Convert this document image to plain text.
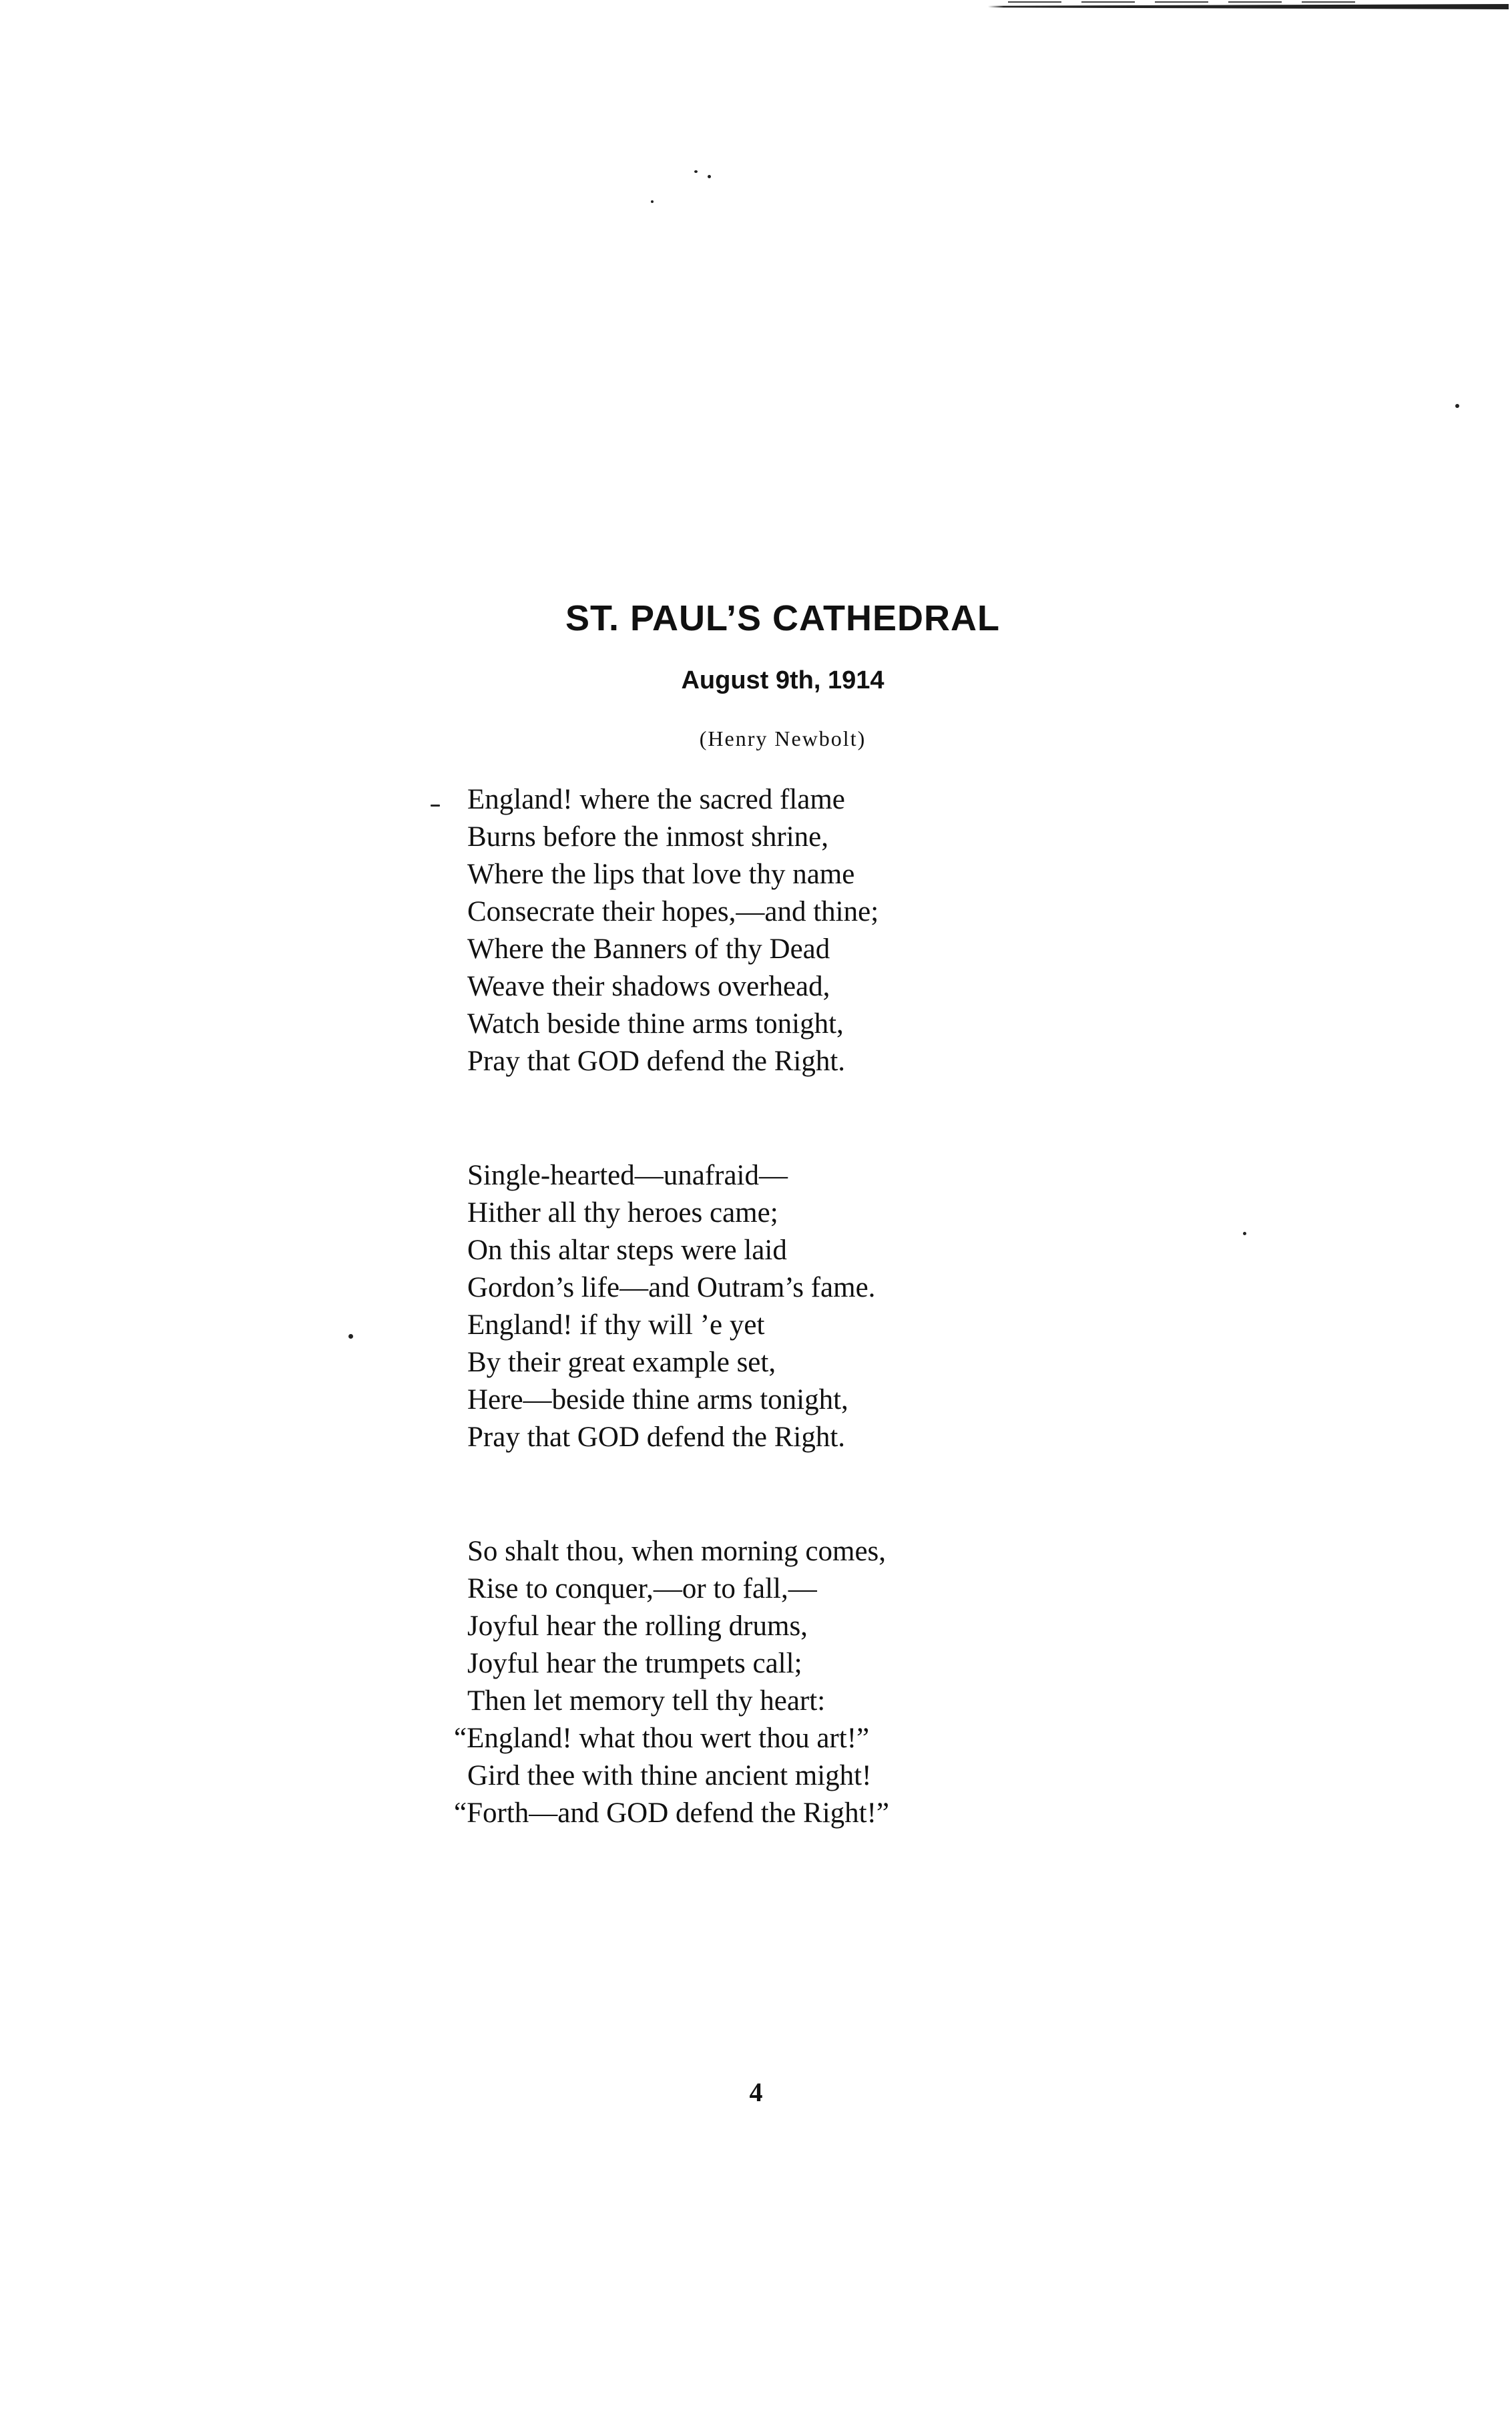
ST. PAUL’S CATHEDRAL
August 9th, 1914
(Henry Newbolt)
England! where the sacred flame
Burns before the inmost shrine,
Where the lips that love thy name
Consecrate their hopes,—and thine;
Where the Banners of thy Dead
Weave their shadows overhead,
Watch beside thine arms tonight,
Pray that GOD defend the Right.
Single-hearted—unafraid—
Hither all thy heroes came;
On this altar steps were laid
Gordon’s life—and Outram’s fame.
England! if thy will ’e yet
By their great example set,
Here—beside thine arms tonight,
Pray that GOD defend the Right.
So shalt thou, when morning comes,
Rise to conquer,—or to fall,—
Joyful hear the rolling drums,
Joyful hear the trumpets call;
Then let memory tell thy heart:
“England! what thou wert thou art!”
Gird thee with thine ancient might!
“Forth—and GOD defend the Right!”
4
